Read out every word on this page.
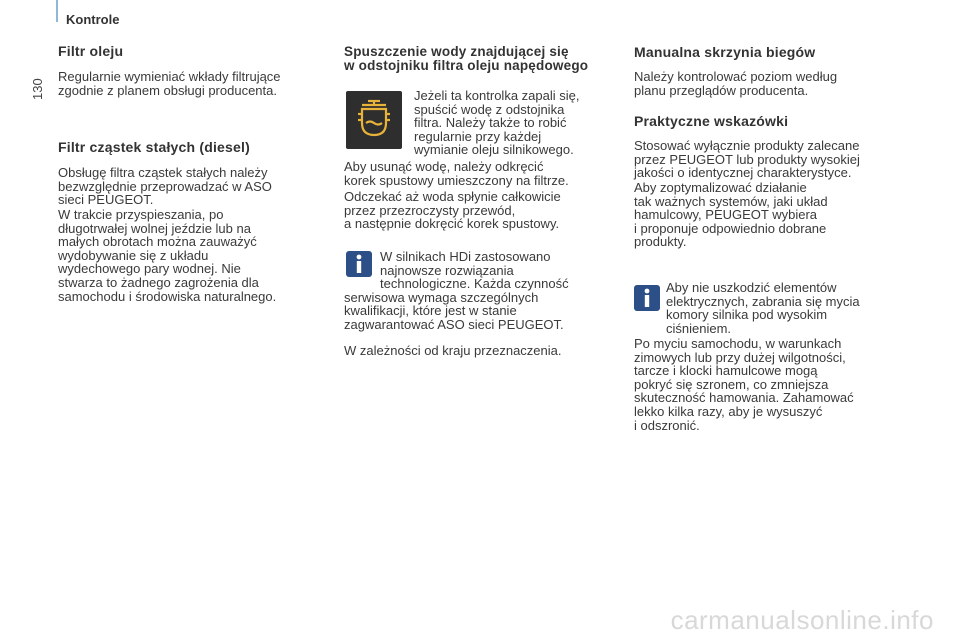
Kontrole
130
Filtr oleju

Regularnie wymieniać wkłady filtrujące

zgodnie z planem obsługi producenta.

Filtr cząstek stałych (diesel)

Obsługę filtra cząstek stałych należy

bezwzględnie przeprowadzać w ASO

sieci PEUGEOT.

W trakcie przyspieszania, po

długotrwałej wolnej jeździe lub na

małych obrotach można zauważyć

wydobywanie się z układu

wydechowego pary wodnej. Nie

stwarza to żadnego zagrożenia dla

samochodu i środowiska naturalnego.

Spuszczenie wody znajdującej się
w odstojniku filtra oleju napędowego

Jeżeli ta kontrolka zapali się,

spuścić wodę z odstojnika

filtra. Należy także to robić

regularnie przy każdej

wymianie oleju silnikowego.

Aby usunąć wodę, należy odkręcić

korek spustowy umieszczony na filtrze.

Odczekać aż woda spłynie całkowicie

przez przezroczysty przewód,

a następnie dokręcić korek spustowy.

W silnikach HDi zastosowano

najnowsze rozwiązania

technologiczne. Każda czynność

serwisowa wymaga szczególnych

kwalifikacji, które jest w stanie

zagwarantować ASO sieci PEUGEOT.

W zależności od kraju przeznaczenia.

Manualna skrzynia biegów

Należy kontrolować poziom według

planu przeglądów producenta.

Praktyczne wskazówki

Stosować wyłącznie produkty zalecane

przez PEUGEOT lub produkty wysokiej

jakości o identycznej charakterystyce.

Aby zoptymalizować działanie

tak ważnych systemów, jaki układ

hamulcowy, PEUGEOT wybiera

i proponuje odpowiednio dobrane

produkty.

Aby nie uszkodzić elementów

elektrycznych, zabrania się mycia

komory silnika pod wysokim

ciśnieniem.

Po myciu samochodu, w warunkach

zimowych lub przy dużej wilgotności,

tarcze i klocki hamulcowe mogą

pokryć się szronem, co zmniejsza

skuteczność hamowania. Zahamować

lekko kilka razy, aby je wysuszyć

i odszronić.

carmanualsonline.info
